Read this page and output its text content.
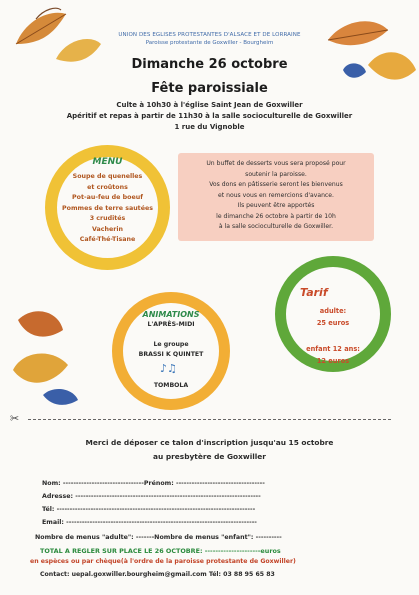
UNION DES EGLISES PROTESTANTES D'ALSACE ET DE LORRAINE
Paroisse protestante de Goxwiller - Bourgheim
Dimanche 26 octobre
Fête paroissiale
Culte à 10h30 à l'église Saint Jean de Goxwiller
Apéritif et repas à partir de 11h30 à la salle socioculturelle de Goxwiller
1 rue du Vignoble
MENU
Soupe de quenelles
et croûtons
Pot-au-feu de boeuf
Pommes de terre sautées
3 crudités
Vacherin
Café-Thé-Tisane
Un buffet de desserts vous sera proposé pour
soutenir la paroisse.
Vos dons en pâtisserie seront les bienvenus
et nous vous en remercions d'avance.
Ils peuvent être apportés
le dimanche 26 octobre à partir de 10h
à la salle socioculturelle de Goxwiller.
ANIMATIONS
L'APRÈS-MIDI
Le groupe
BRASSI K QUINTET
♪♫
TOMBOLA
Tarif
adulte:
25 euros
enfant 12 ans:
12 euros
✂
Merci de déposer ce talon d'inscription jusqu'au 15 octobre
au presbytère de Goxwiller
Nom: -------------------------------Prénom: ----------------------------------
Adresse: -----------------------------------------------------------------------
Tél: ----------------------------------------------------------------------------
Email: -------------------------------------------------------------------------
Nombre de menus "adulte": -------Nombre de menus "enfant": ----------
TOTAL A REGLER SUR PLACE LE 26 OCTOBRE: ---------------------euros
en espèces ou par chèque(à l'ordre de la paroisse protestante de Goxwiller)
Contact: uepal.goxwiller.bourgheim@gmail.com Tél: 03 88 95 65 83
